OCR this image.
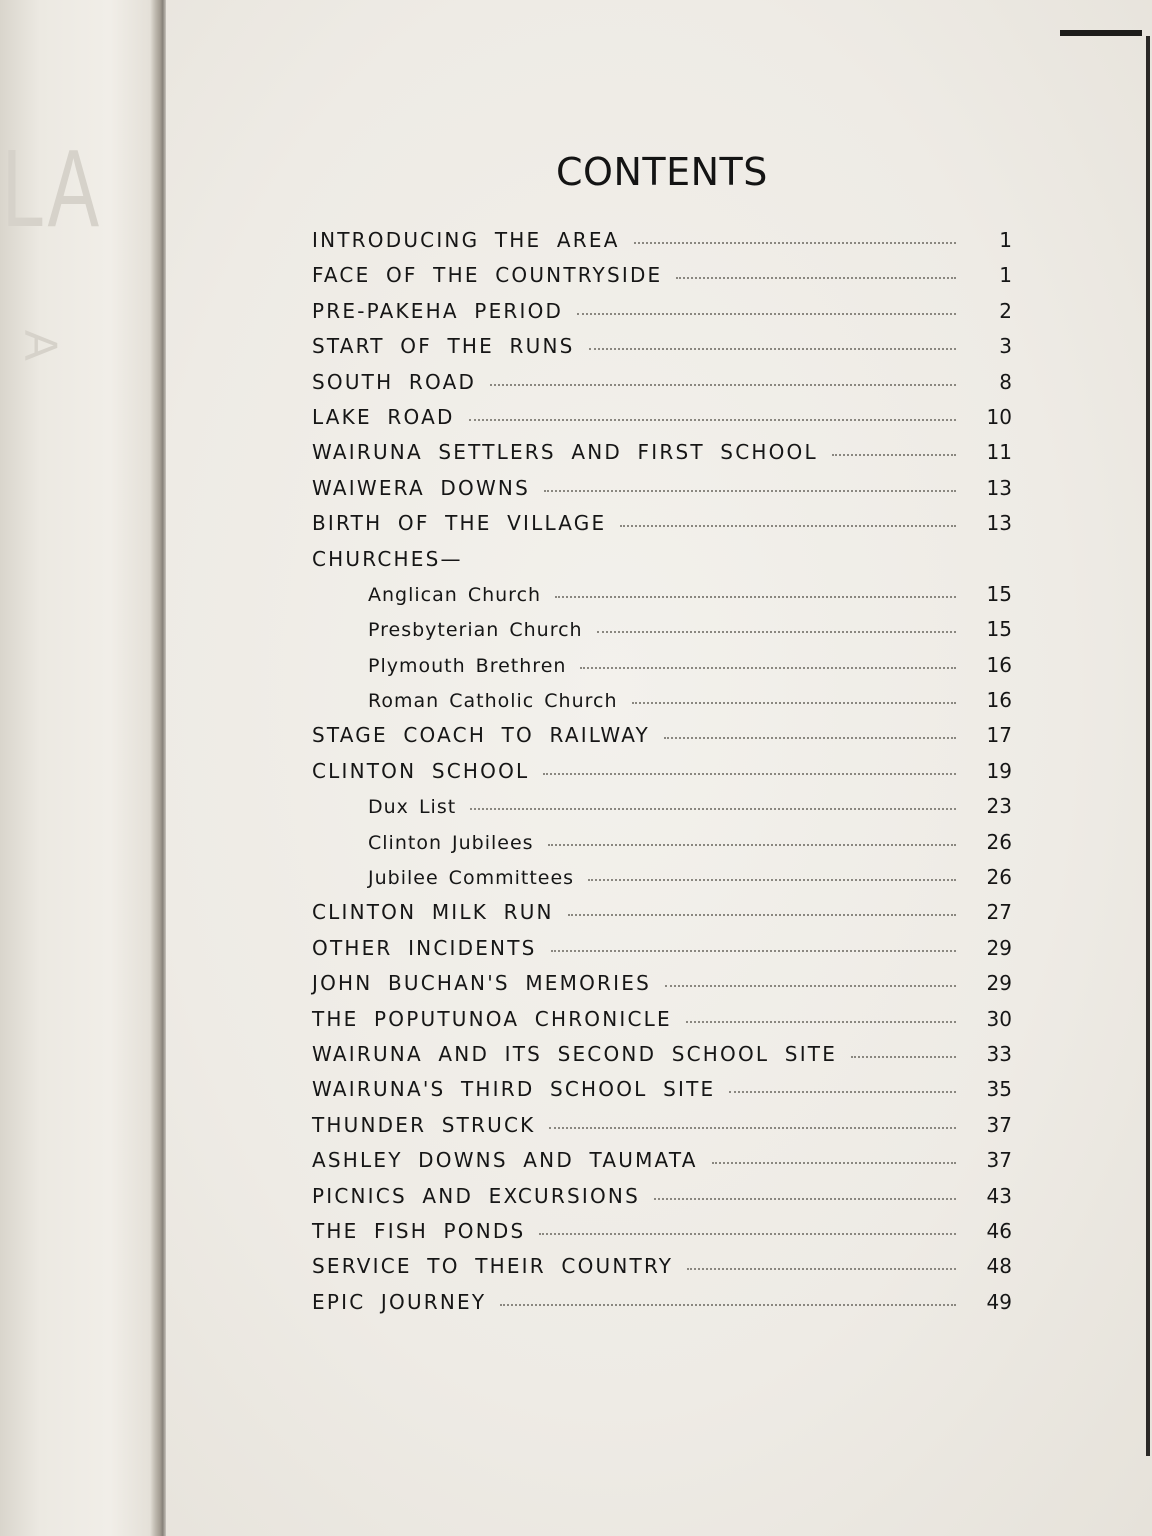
LA
A
CONTENTS
INTRODUCING THE AREA	1
FACE OF THE COUNTRYSIDE	1
PRE-PAKEHA PERIOD	2
START OF THE RUNS	3
SOUTH ROAD	8
LAKE ROAD	10
WAIRUNA SETTLERS AND FIRST SCHOOL	11
WAIWERA DOWNS	13
BIRTH OF THE VILLAGE	13
CHURCHES—
Anglican Church	15
Presbyterian Church	15
Plymouth Brethren	16
Roman Catholic Church	16
STAGE COACH TO RAILWAY	17
CLINTON SCHOOL	19
Dux List	23
Clinton Jubilees	26
Jubilee Committees	26
CLINTON MILK RUN	27
OTHER INCIDENTS	29
JOHN BUCHAN'S MEMORIES	29
THE POPUTUNOA CHRONICLE	30
WAIRUNA AND ITS SECOND SCHOOL SITE	33
WAIRUNA'S THIRD SCHOOL SITE	35
THUNDER STRUCK	37
ASHLEY DOWNS AND TAUMATA	37
PICNICS AND EXCURSIONS	43
THE FISH PONDS	46
SERVICE TO THEIR COUNTRY	48
EPIC JOURNEY	49
